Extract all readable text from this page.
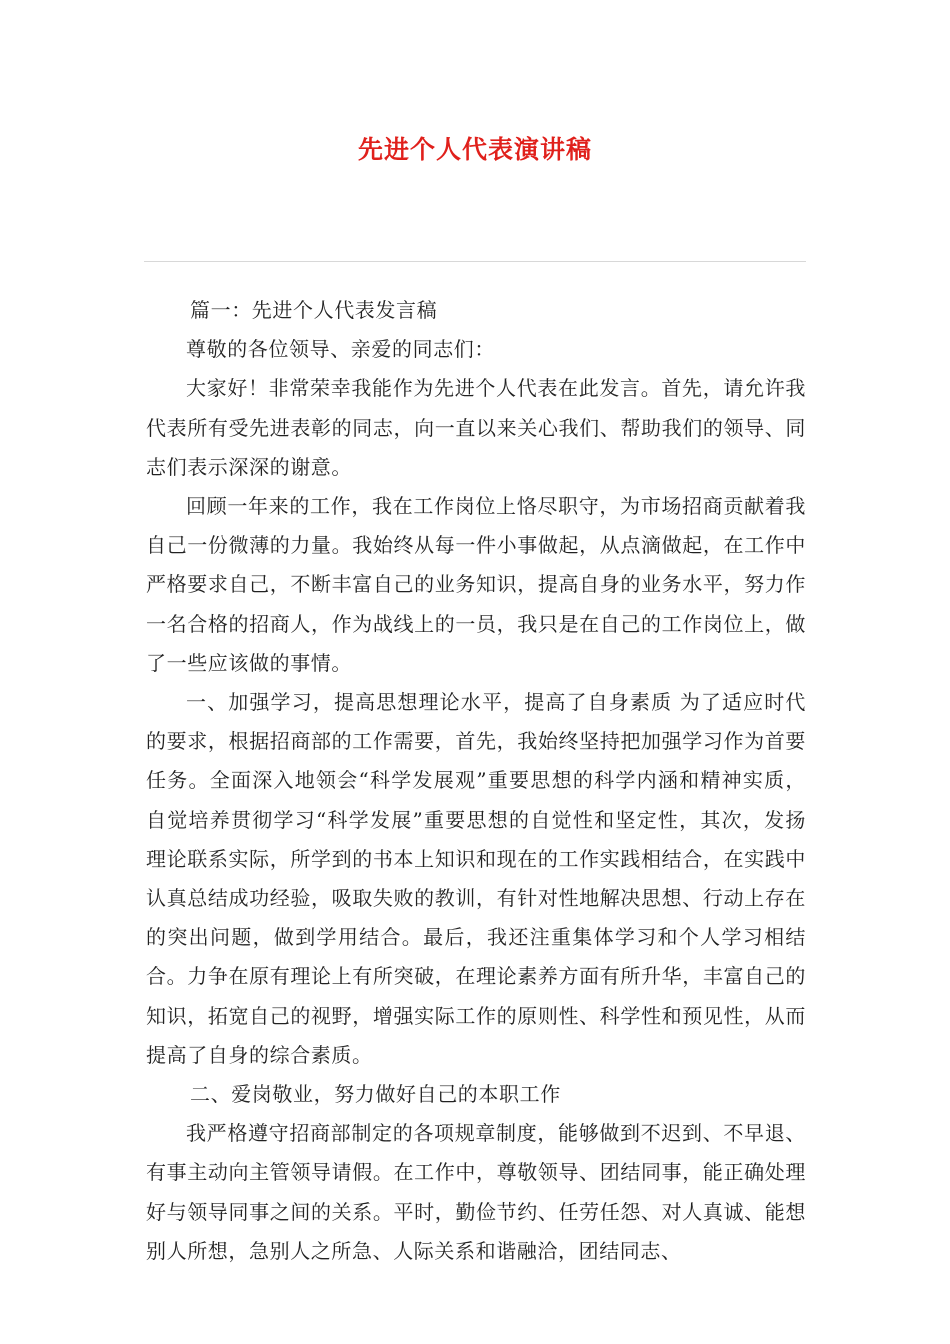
先进个人代表演讲稿

篇一：先进个人代表发言稿

尊敬的各位领导、亲爱的同志们：

大家好！非常荣幸我能作为先进个人代表在此发言。首先，请允许我代表所有受先进表彰的同志，向一直以来关心我们、帮助我们的领导、同志们表示深深的谢意。

回顾一年来的工作，我在工作岗位上恪尽职守，为市场招商贡献着我自己一份微薄的力量。我始终从每一件小事做起，从点滴做起，在工作中严格要求自己，不断丰富自己的业务知识，提高自身的业务水平，努力作一名合格的招商人，作为战线上的一员，我只是在自己的工作岗位上，做了一些应该做的事情。

一、加强学习，提高思想理论水平，提高了自身素质 为了适应时代的要求，根据招商部的工作需要，首先，我始终坚持把加强学习作为首要任务。全面深入地领会“科学发展观”重要思想的科学内涵和精神实质，自觉培养贯彻学习“科学发展”重要思想的自觉性和坚定性，其次，发扬理论联系实际，所学到的书本上知识和现在的工作实践相结合，在实践中认真总结成功经验，吸取失败的教训，有针对性地解决思想、行动上存在的突出问题，做到学用结合。最后，我还注重集体学习和个人学习相结合。力争在原有理论上有所突破，在理论素养方面有所升华，丰富自己的知识，拓宽自己的视野，增强实际工作的原则性、科学性和预见性，从而提高了自身的综合素质。

二、爱岗敬业，努力做好自己的本职工作

我严格遵守招商部制定的各项规章制度，能够做到不迟到、不早退、有事主动向主管领导请假。在工作中，尊敬领导、团结同事，能正确处理好与领导同事之间的关系。平时，勤俭节约、任劳任怨、对人真诚、能想别人所想，急别人之所急、人际关系和谐融洽，团结同志、
